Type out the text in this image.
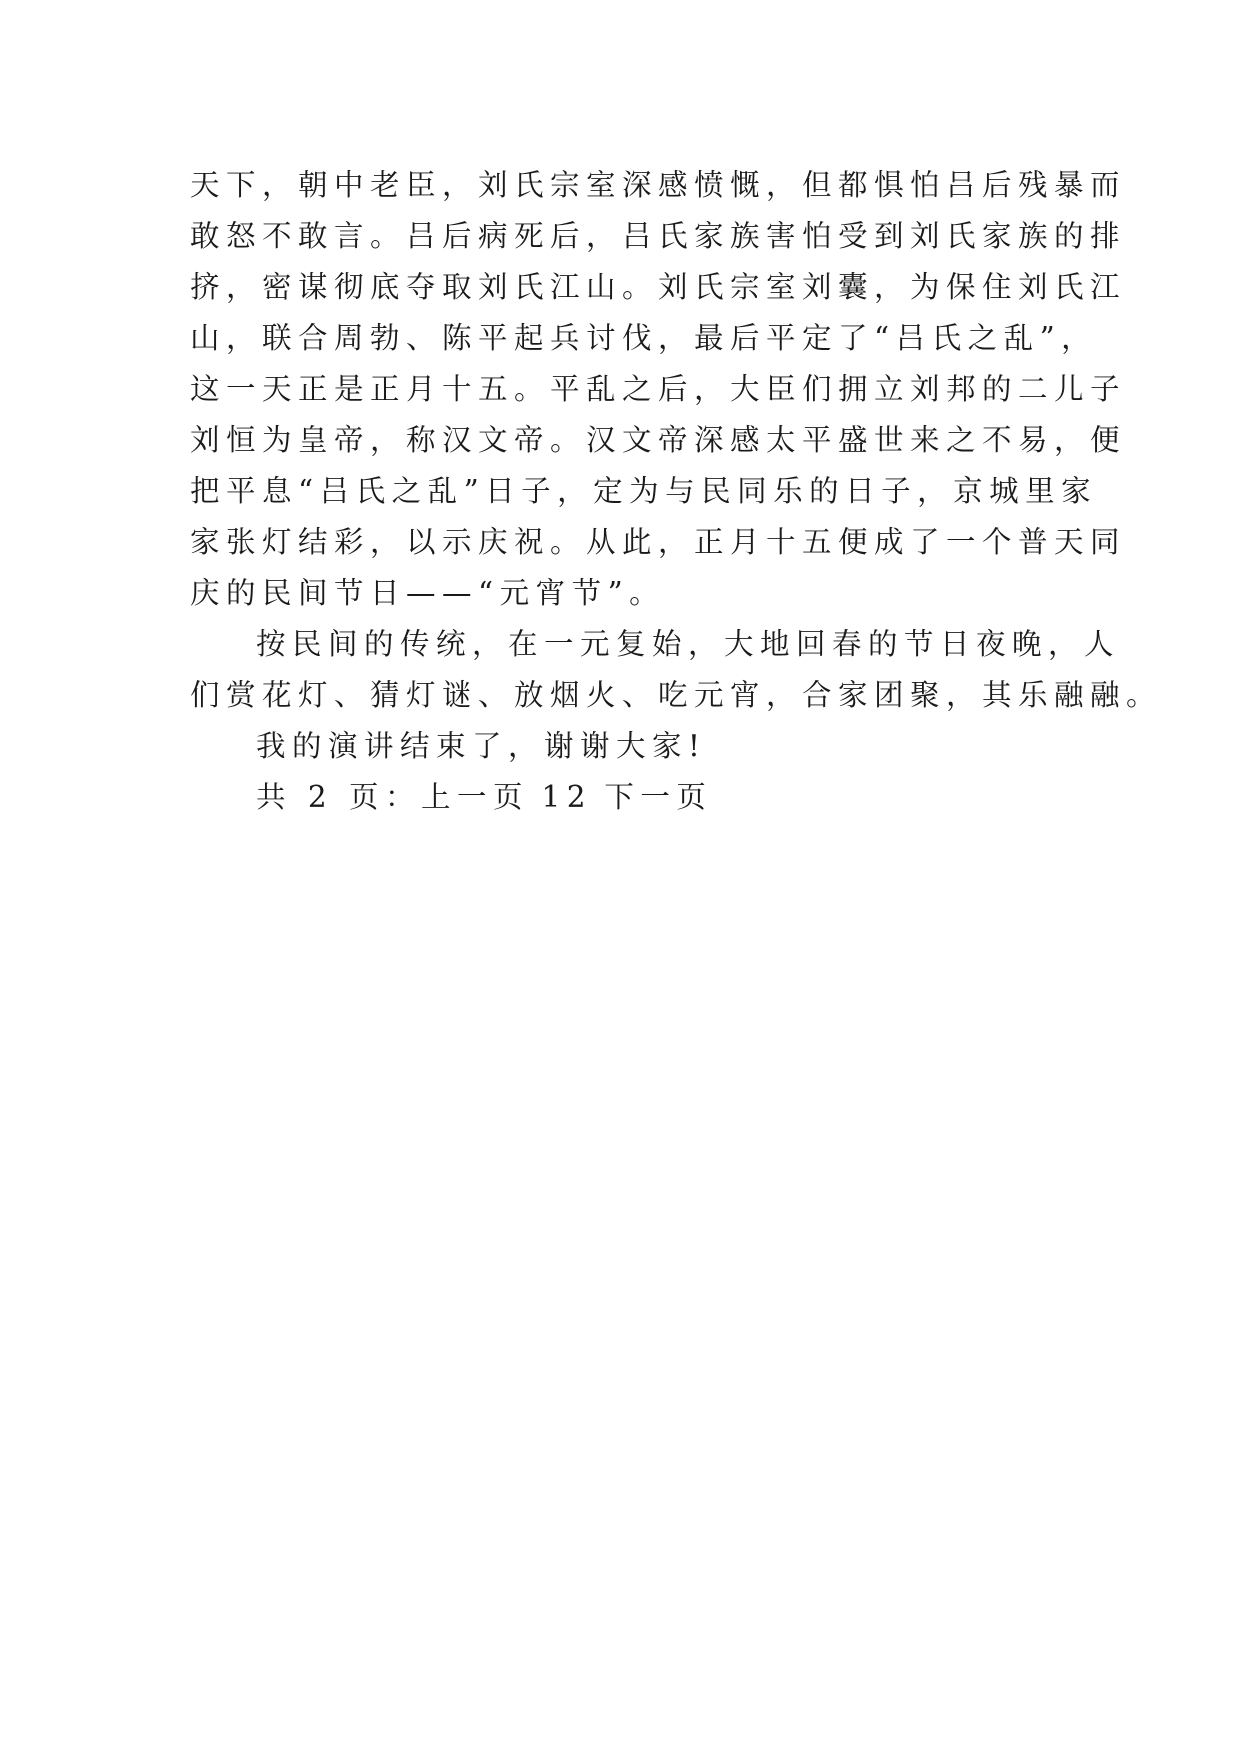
天下，朝中老臣，刘氏宗室深感愤慨，但都惧怕吕后残暴而
敢怒不敢言。吕后病死后，吕氏家族害怕受到刘氏家族的排
挤，密谋彻底夺取刘氏江山。刘氏宗室刘囊，为保住刘氏江
山，联合周勃、陈平起兵讨伐，最后平定了“吕氏之乱”，
这一天正是正月十五。平乱之后，大臣们拥立刘邦的二儿子
刘恒为皇帝，称汉文帝。汉文帝深感太平盛世来之不易，便
把平息“吕氏之乱”日子，定为与民同乐的日子，京城里家
家张灯结彩，以示庆祝。从此，正月十五便成了一个普天同
庆的民间节日——“元宵节”。
按民间的传统，在一元复始，大地回春的节日夜晚，人
们赏花灯、猜灯谜、放烟火、吃元宵，合家团聚，其乐融融。
我的演讲结束了，谢谢大家!
共 2 页：上一页  12  下一页
